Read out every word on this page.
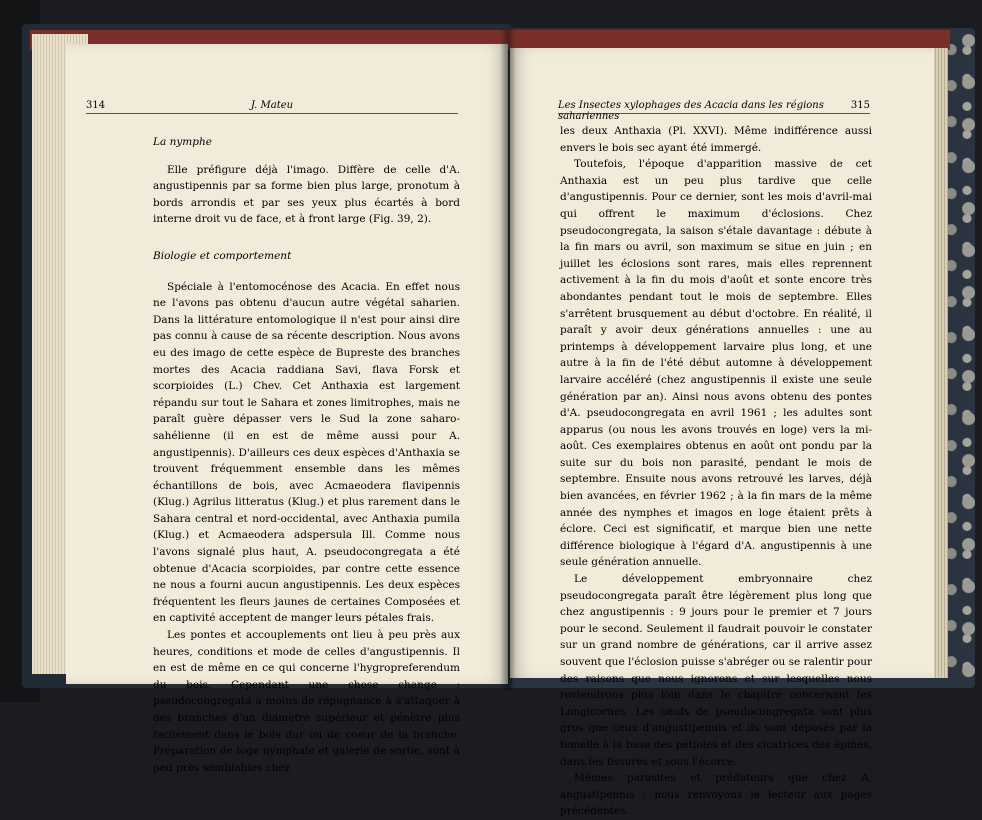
314	J. Mateu
	Les Insectes xylophages des Acacia dans les régions sahariennes
315

La nymphe

Elle préfigure déjà l'imago. Diffère de celle d'A. angustipennis par sa forme bien plus large, pronotum à bords arrondis et par ses yeux plus écartés à bord interne droit vu de face, et à front large (Fig. 39, 2).

Biologie et comportement

Spéciale à l'entomocénose des Acacia. En effet nous ne l'avons pas obtenu d'aucun autre végétal saharien. Dans la littérature entomologique il n'est pour ainsi dire pas connu à cause de sa récente description. Nous avons eu des imago de cette espèce de Bupreste des branches mortes des Acacia raddiana Savi, flava Forsk et scorpioides (L.) Chev. Cet Anthaxia est largement répandu sur tout le Sahara et zones limitrophes, mais ne paraît guère dépasser vers le Sud la zone saharo-sahélienne (il en est de même aussi pour A. angustipennis). D'ailleurs ces deux espèces d'Anthaxia se trouvent fréquemment ensemble dans les mêmes échantillons de bois, avec Acmaeodera flavipennis (Klug.) Agrilus litteratus (Klug.) et plus rarement dans le Sahara central et nord-occidental, avec Anthaxia pumila (Klug.) et Acmaeodera adspersula Ill. Comme nous l'avons signalé plus haut, A. pseudocongregata a été obtenue d'Acacia scorpioides, par contre cette essence ne nous a fourni aucun angustipennis. Les deux espèces fréquentent les fleurs jaunes de certaines Composées et en captivité acceptent de manger leurs pétales frais.

Les pontes et accouplements ont lieu à peu près aux heures, conditions et mode de celles d'angustipennis. Il en est de même en ce qui concerne l'hygropreferendum du bois. Cependant une chose change : pseudocongregata a moins de répugnance à s'attaquer à des branches d'un diamètre supérieur et pénètre plus facilement dans le bois dur ou de coeur de la branche. Préparation de loge nymphale et galerie de sortie, sont à peu près semblables chez

les deux Anthaxia (Pl. XXVI). Même indifférence aussi envers le bois sec ayant été immergé.

Toutefois, l'époque d'apparition massive de cet Anthaxia est un peu plus tardive que celle d'angustipennis. Pour ce dernier, sont les mois d'avril-mai qui offrent le maximum d'éclosions. Chez pseudocongregata, la saison s'étale davantage : débute à la fin mars ou avril, son maximum se situe en juin ; en juillet les éclosions sont rares, mais elles reprennent activement à la fin du mois d'août et sonte encore très abondantes pendant tout le mois de septembre. Elles s'arrêtent brusquement au début d'octobre. En réalité, il paraît y avoir deux générations annuelles : une au printemps à développement larvaire plus long, et une autre à la fin de l'été début automne à développement larvaire accéléré (chez angustipennis il existe une seule génération par an). Ainsi nous avons obtenu des pontes d'A. pseudocongregata en avril 1961 ; les adultes sont apparus (ou nous les avons trouvés en loge) vers la mi-août. Ces exemplaires obtenus en août ont pondu par la suite sur du bois non parasité, pendant le mois de septembre. Ensuite nous avons retrouvé les larves, déjà bien avancées, en février 1962 ; à la fin mars de la même année des nymphes et imagos en loge étaient prêts à éclore. Ceci est significatif, et marque bien une nette différence biologique à l'égard d'A. angustipennis à une seule génération annuelle.

Le développement embryonnaire chez pseudocongregata paraît être légèrement plus long que chez angustipennis : 9 jours pour le premier et 7 jours pour le second. Seulement il faudrait pouvoir le constater sur un grand nombre de générations, car il arrive assez souvent que l'éclosion puisse s'abréger ou se ralentir pour des raisons que nous ignorons et sur lesquelles nous reviendrons plus loin dans le chapitre concernant les Longicornes. Les oeufs de pseudocongregata sont plus gros que ceux d'angustipennis et ils sont déposés par la femelle à la base des pétioles et des cicatrices des épines, dans les fissures et sous l'écorce.

Mêmes parasites et prédateurs que chez A. angustipennis : nous renvoyons le lecteur aux pages précédentes.
